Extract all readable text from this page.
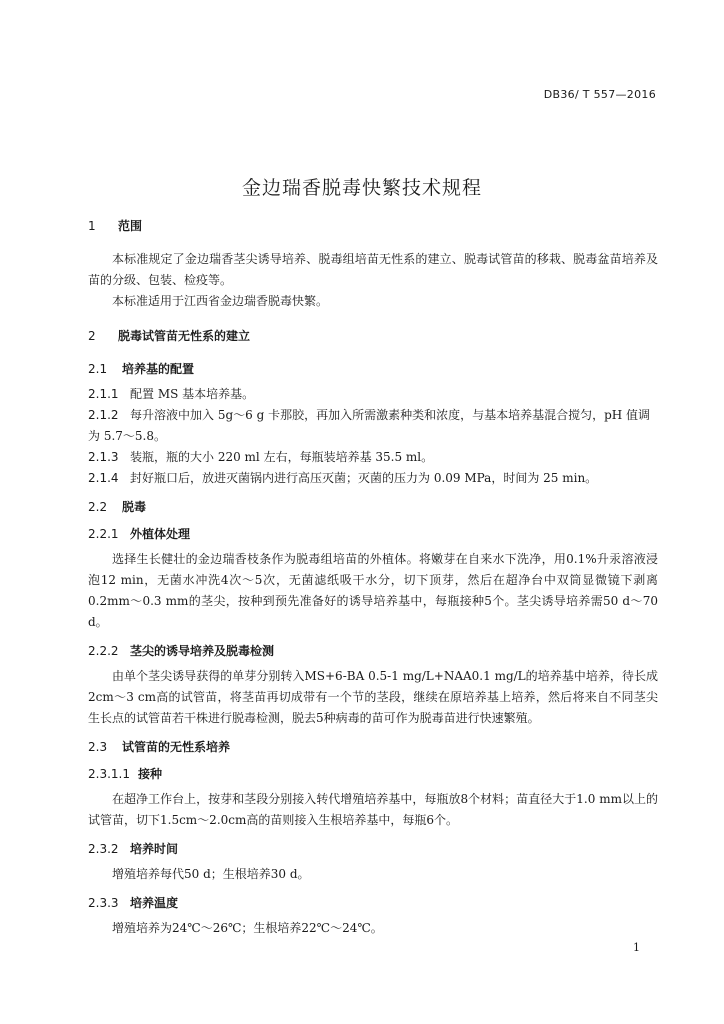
DB36/ T 557—2016
金边瑞香脱毒快繁技术规程
1 范围

本标准规定了金边瑞香茎尖诱导培养、脱毒组培苗无性系的建立、脱毒试管苗的移栽、脱毒盆苗培养及苗的分级、包装、检疫等。

本标准适用于江西省金边瑞香脱毒快繁。

2 脱毒试管苗无性系的建立
2.1 培养基的配置

2.1.1 配置 MS 基本培养基。

2.1.2 每升溶液中加入 5g～6 g 卡那胶，再加入所需激素种类和浓度，与基本培养基混合搅匀，pH 值调为 5.7～5.8。

2.1.3 装瓶，瓶的大小 220 ml 左右，每瓶装培养基 35.5 ml。

2.1.4 封好瓶口后，放进灭菌锅内进行高压灭菌；灭菌的压力为 0.09 MPa，时间为 25 min。

2.2 脱毒
2.2.1 外植体处理

选择生长健壮的金边瑞香枝条作为脱毒组培苗的外植体。将嫩芽在自来水下洗净，用0.1%升汞溶液浸泡12 min，无菌水冲洗4次～5次，无菌滤纸吸干水分，切下顶芽，然后在超净台中双筒显微镜下剥离0.2mm～0.3 mm的茎尖，按种到预先准备好的诱导培养基中，每瓶接种5个。茎尖诱导培养需50 d～70 d。

2.2.2 茎尖的诱导培养及脱毒检测

由单个茎尖诱导获得的单芽分别转入MS+6-BA 0.5-1 mg/L+NAA0.1 mg/L的培养基中培养，待长成2cm～3 cm高的试管苗，将茎苗再切成带有一个节的茎段，继续在原培养基上培养，然后将来自不同茎尖生长点的试管苗若干株进行脱毒检测，脱去5种病毒的苗可作为脱毒苗进行快速繁殖。

2.3 试管苗的无性系培养
2.3.1.1 接种

在超净工作台上，按芽和茎段分别接入转代增殖培养基中，每瓶放8个材料；苗直径大于1.0 mm以上的试管苗，切下1.5cm～2.0cm高的苗则接入生根培养基中，每瓶6个。

2.3.2 培养时间

增殖培养每代50 d；生根培养30 d。

2.3.3 培养温度

增殖培养为24℃～26℃；生根培养22℃～24℃。

1
